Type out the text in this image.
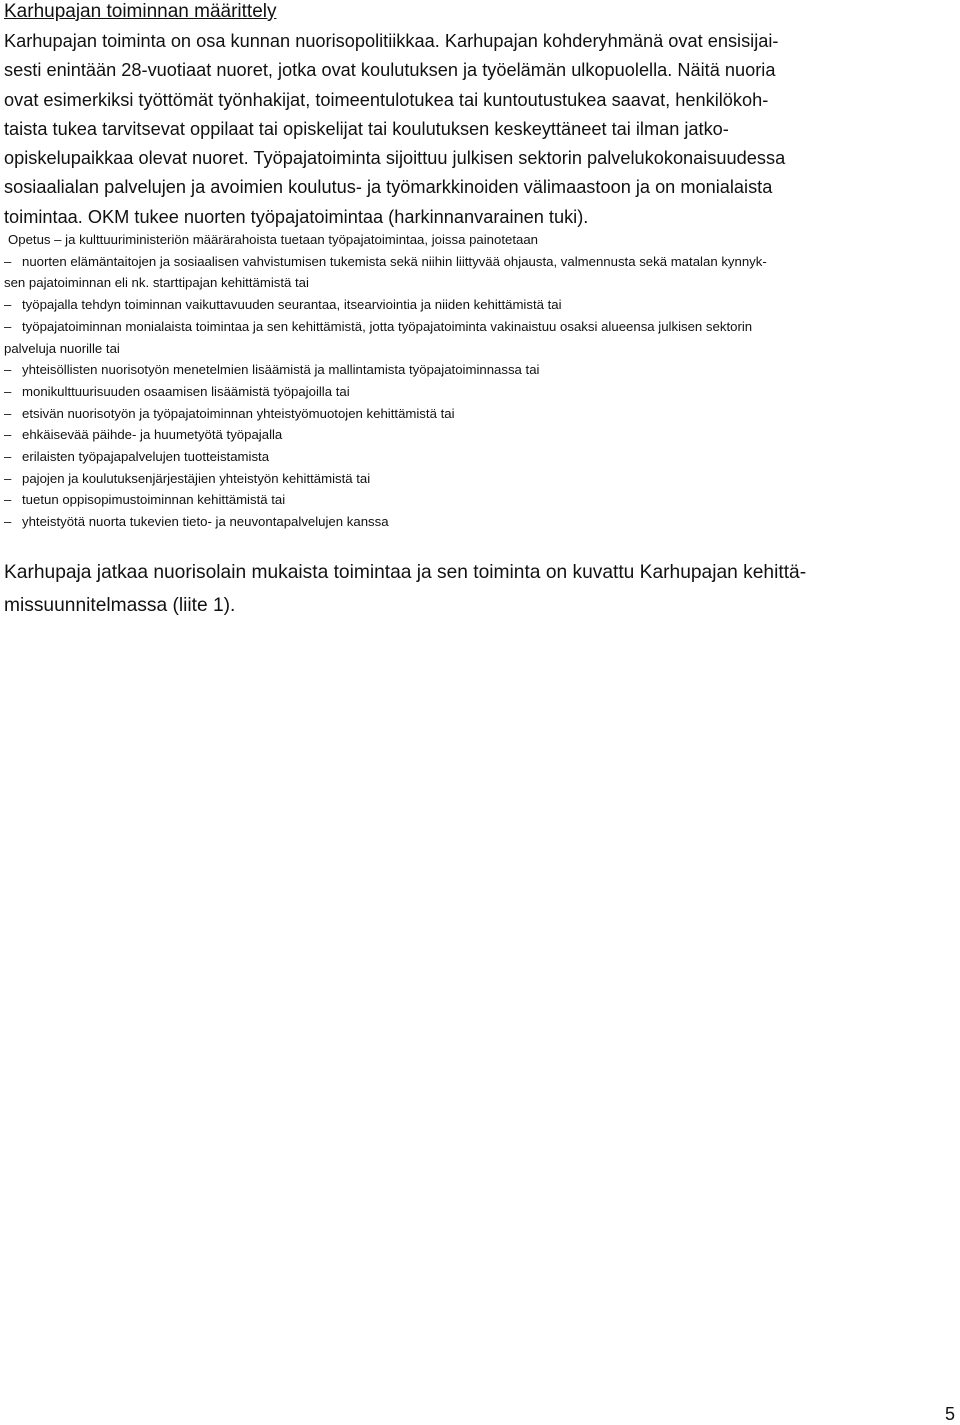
Karhupajan toiminnan määrittely
Karhupajan toiminta on osa kunnan nuorisopolitiikkaa. Karhupajan kohderyhmänä ovat ensisijai-
sesti enintään 28-vuotiaat nuoret, jotka ovat koulutuksen ja työelämän ulkopuolella. Näitä nuoria
ovat esimerkiksi työttömät työnhakijat, toimeentulotukea tai kuntoutustukea saavat, henkilökoh-
taista tukea tarvitsevat oppilaat tai opiskelijat tai koulutuksen keskeyttäneet tai ilman jatko-
opiskelupaikkaa olevat nuoret. Työpajatoiminta sijoittuu julkisen sektorin palvelukokonaisuudessa
sosiaalialan palvelujen ja avoimien koulutus- ja työmarkkinoiden välimaastoon ja on monialaista
toimintaa. OKM tukee nuorten työpajatoimintaa (harkinnanvarainen tuki).
Opetus – ja kulttuuriministeriön määrärahoista tuetaan työpajatoimintaa, joissa painotetaan
– nuorten elämäntaitojen ja sosiaalisen vahvistumisen tukemista sekä niihin liittyvää ohjausta, valmennusta sekä matalan kynnyk-
sen pajatoiminnan eli nk. starttipajan kehittämistä tai
– työpajalla tehdyn toiminnan vaikuttavuuden seurantaa, itsearviointia ja niiden kehittämistä tai
– työpajatoiminnan monialaista toimintaa ja sen kehittämistä, jotta työpajatoiminta vakinaistuu osaksi alueensa julkisen sektorin
palveluja nuorille tai
– yhteisöllisten nuorisotyön menetelmien lisäämistä ja mallintamista työpajatoiminnassa tai
– monikulttuurisuuden osaamisen lisäämistä työpajoilla tai
– etsivän nuorisotyön ja työpajatoiminnan yhteistyömuotojen kehittämistä tai
– ehkäisevää päihde- ja huumetyötä työpajalla
– erilaisten työpajapalvelujen tuotteistamista
– pajojen ja koulutuksenjärjestäjien yhteistyön kehittämistä tai
– tuetun oppisopimustoiminnan kehittämistä tai
– yhteistyötä nuorta tukevien tieto- ja neuvontapalvelujen kanssa
Karhupaja jatkaa nuorisolain mukaista toimintaa ja sen toiminta on kuvattu Karhupajan kehittä-
missuunnitelmassa (liite 1).
5
